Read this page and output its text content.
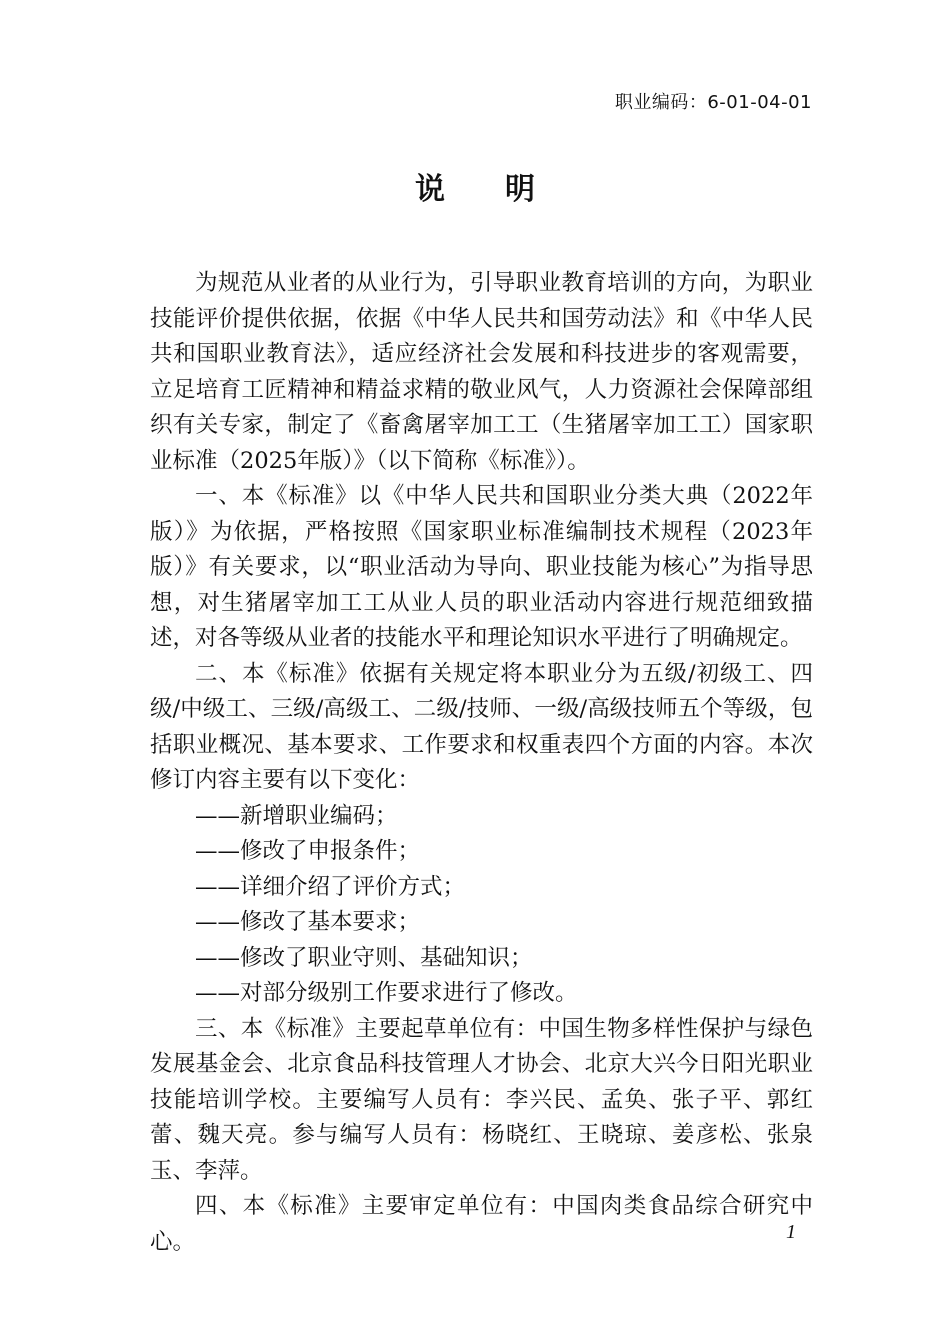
职业编码：6-01-04-01
说明

为规范从业者的从业行为，引导职业教育培训的方向，为职业技能评价提供依据，依据《中华人民共和国劳动法》和《中华人民共和国职业教育法》，适应经济社会发展和科技进步的客观需要，立足培育工匠精神和精益求精的敬业风气，人力资源社会保障部组织有关专家，制定了《畜禽屠宰加工工（生猪屠宰加工工）国家职业标准（2025年版）》（以下简称《标准》）。

一、本《标准》以《中华人民共和国职业分类大典（2022年版）》为依据，严格按照《国家职业标准编制技术规程（2023年版）》有关要求，以“职业活动为导向、职业技能为核心”为指导思想，对生猪屠宰加工工从业人员的职业活动内容进行规范细致描述，对各等级从业者的技能水平和理论知识水平进行了明确规定。

二、本《标准》依据有关规定将本职业分为五级/初级工、四级/中级工、三级/高级工、二级/技师、一级/高级技师五个等级，包括职业概况、基本要求、工作要求和权重表四个方面的内容。本次修订内容主要有以下变化：

——新增职业编码；

——修改了申报条件；

——详细介绍了评价方式；

——修改了基本要求；

——修改了职业守则、基础知识；

——对部分级别工作要求进行了修改。

三、本《标准》主要起草单位有：中国生物多样性保护与绿色发展基金会、北京食品科技管理人才协会、北京大兴今日阳光职业技能培训学校。主要编写人员有：李兴民、孟奂、张子平、郭红蕾、魏天亮。参与编写人员有：杨晓红、王晓琼、姜彦松、张泉玉、李萍。

四、本《标准》主要审定单位有：中国肉类食品综合研究中心。	1
